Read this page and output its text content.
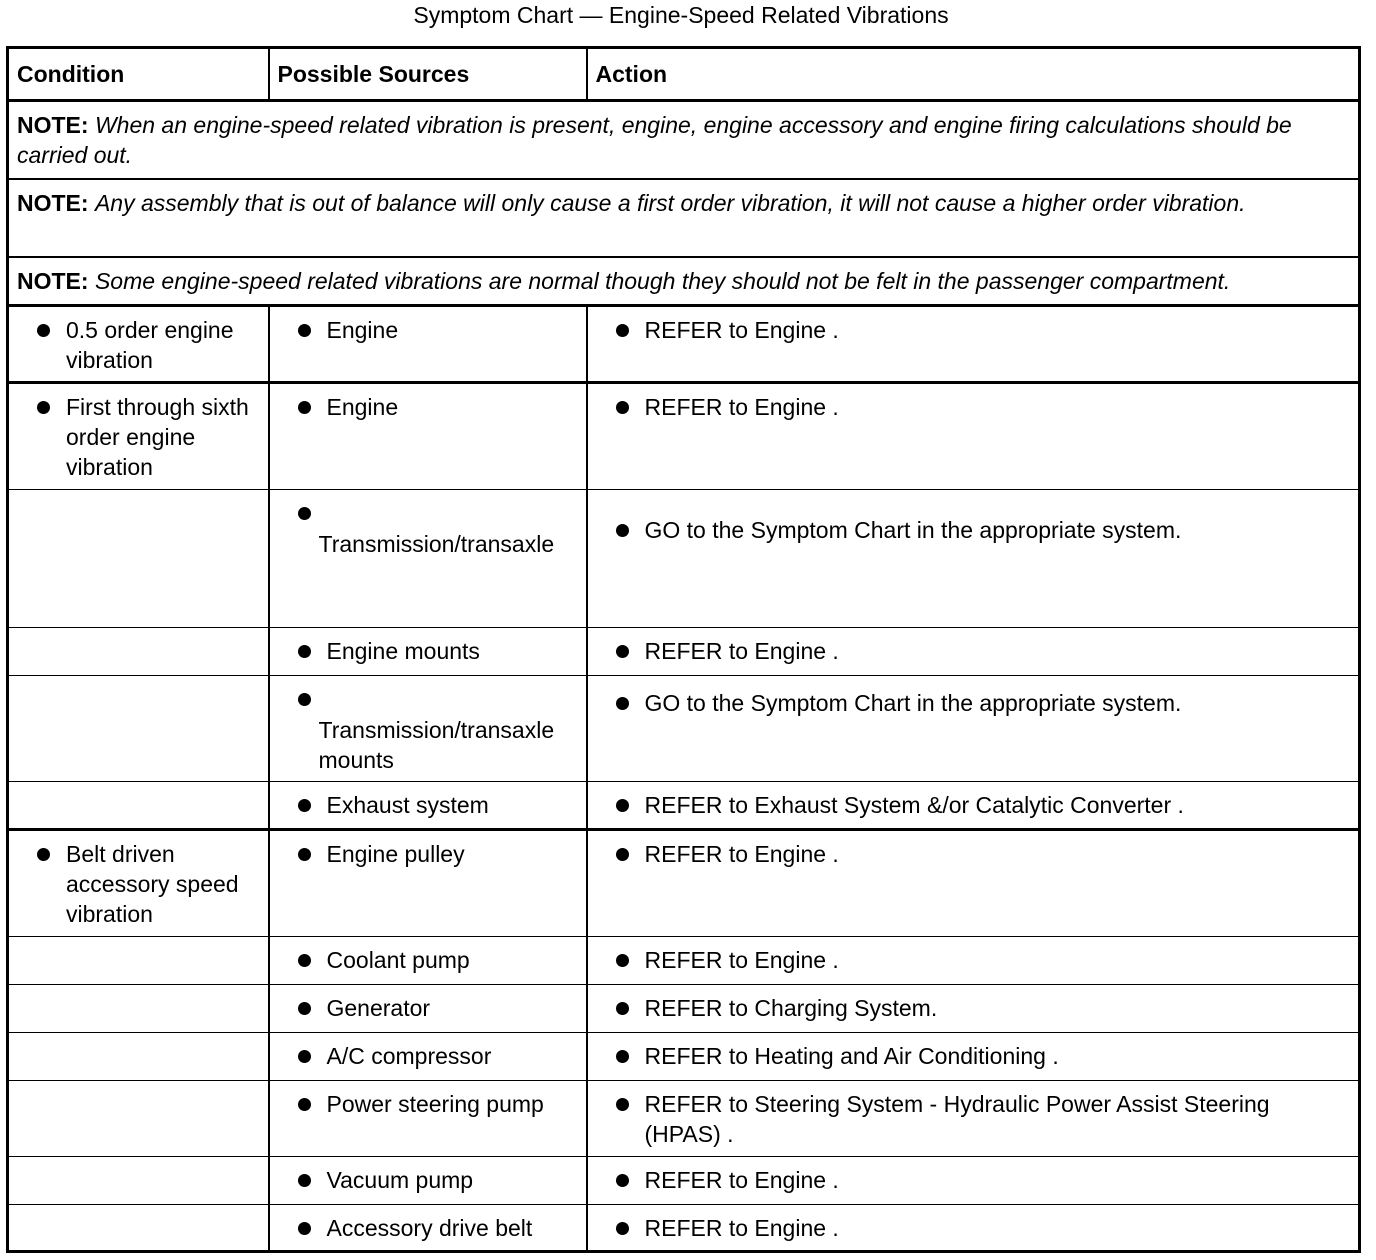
Symptom Chart — Engine-Speed Related Vibrations
Condition	Possible Sources	Action
NOTE: When an engine-speed related vibration is present, engine, engine accessory and engine firing calculations should be carried out.		
NOTE: Any assembly that is out of balance will only cause a first order vibration, it will not cause a higher order vibration.		
NOTE: Some engine-speed related vibrations are normal though they should not be felt in the passenger compartment.		

0.5 order engine vibration	Engine	REFER to Engine .

First through sixth order engine vibration	Engine	REFER to Engine .

	Transmission/transaxle	GO to the Symptom Chart in the appropriate system.

	Engine mounts	REFER to Engine .

	Transmission/transaxle mounts	GO to the Symptom Chart in the appropriate system.

	Exhaust system	REFER to Exhaust System &/or Catalytic Converter .

Belt driven accessory speed vibration	Engine pulley	REFER to Engine .

	Coolant pump	REFER to Engine .

	Generator	REFER to Charging System.

	A/C compressor	REFER to Heating and Air Conditioning .

	Power steering pump	REFER to Steering System - Hydraulic Power Assist Steering (HPAS) .

	Vacuum pump	REFER to Engine .

	Accessory drive belt	REFER to Engine .
